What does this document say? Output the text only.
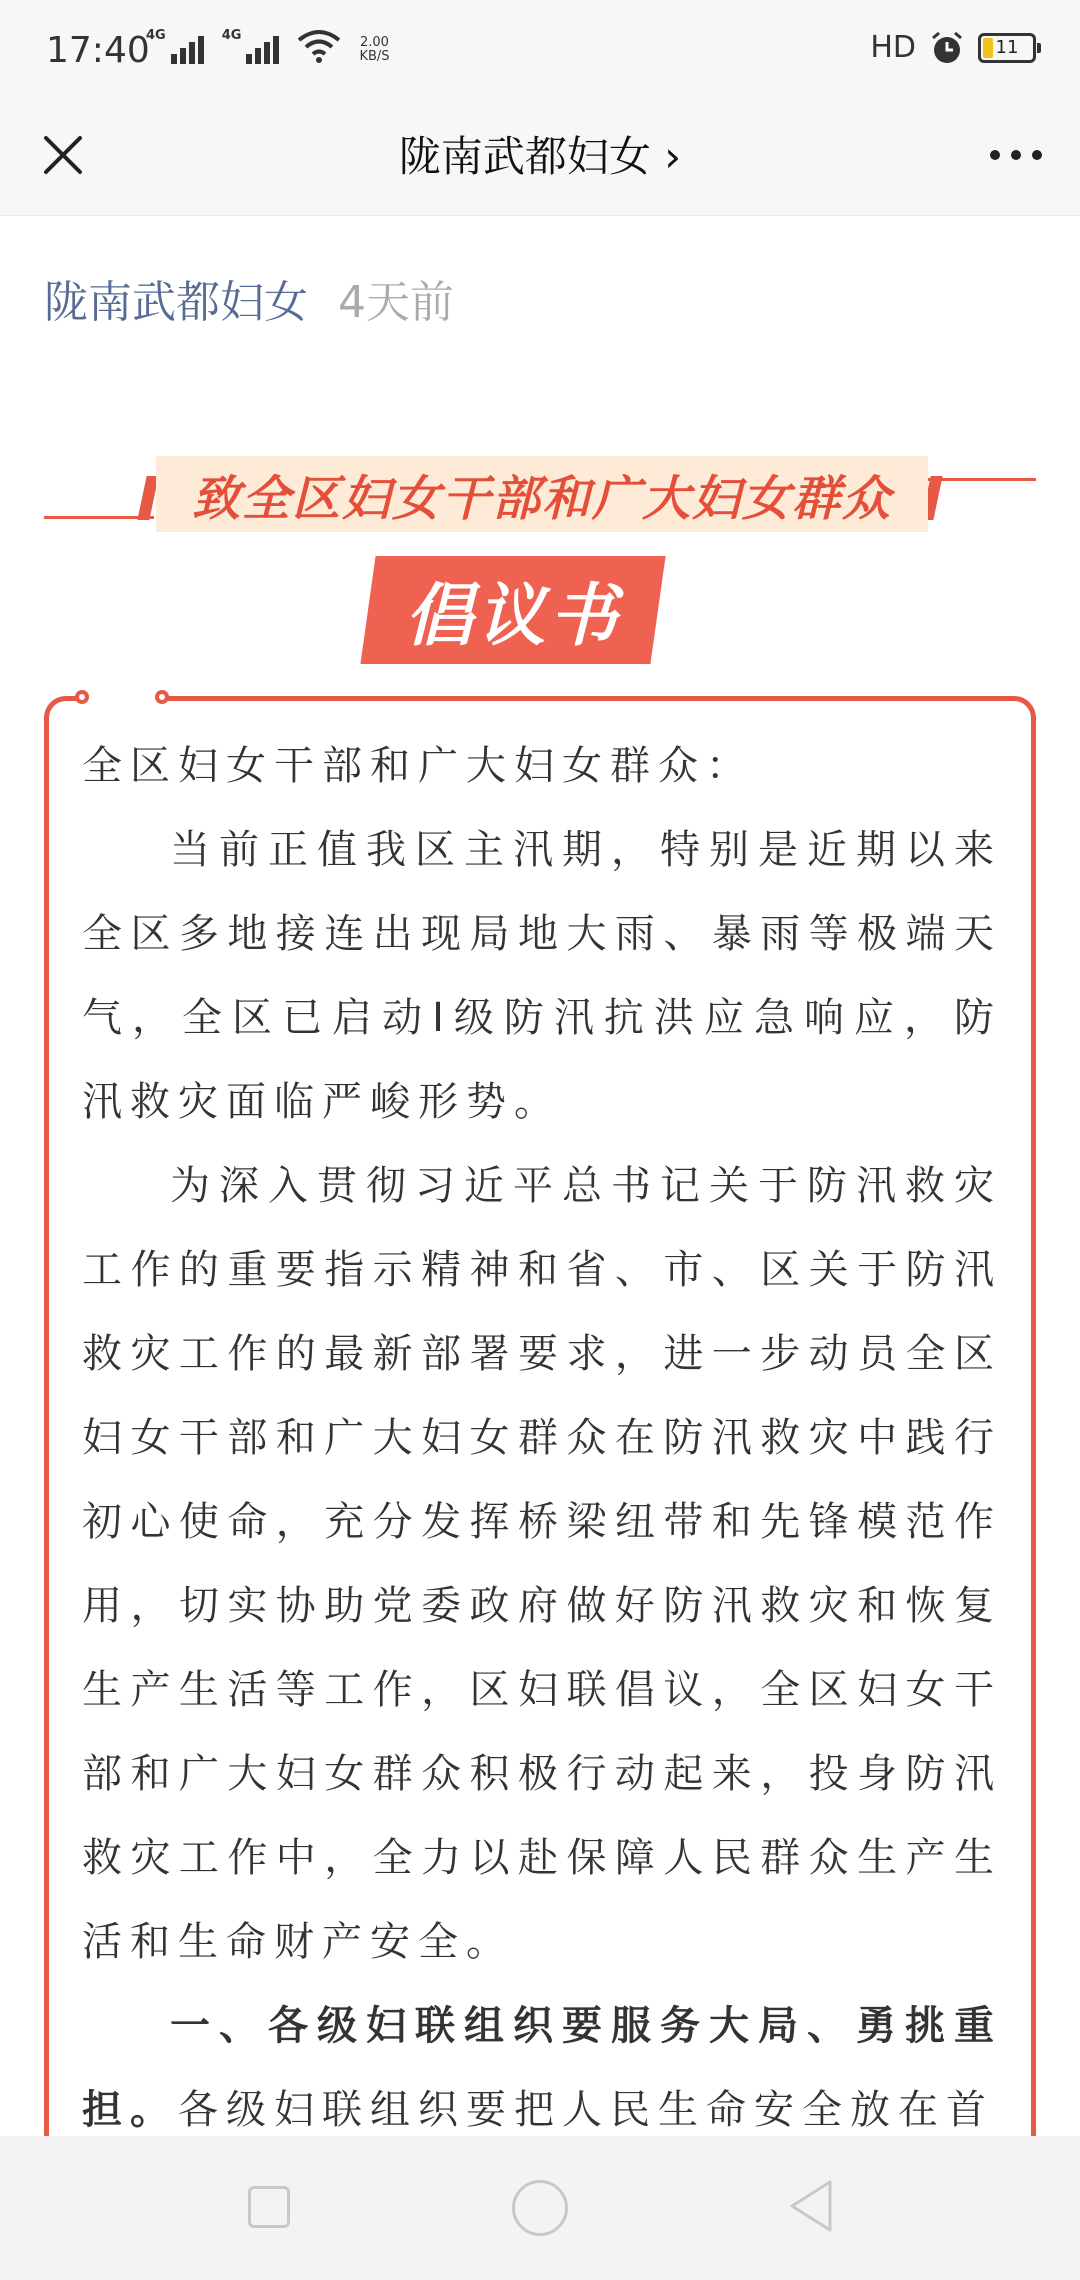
17:40
4G	4G	2.00
KB/S	HD	11
陇南武都妇女 ›
陇南武都妇女 4天前
致全区妇女干部和广大妇女群众
倡议书

全区妇女干部和广大妇女群众：

当前正值我区主汛期，特别是近期以来全区多地接连出现局地大雨、暴雨等极端天气，全区已启动Ⅰ级防汛抗洪应急响应，防汛救灾面临严峻形势。

为深入贯彻习近平总书记关于防汛救灾工作的重要指示精神和省、市、区关于防汛救灾工作的最新部署要求，进一步动员全区妇女干部和广大妇女群众在防汛救灾中践行初心使命，充分发挥桥梁纽带和先锋模范作用，切实协助党委政府做好防汛救灾和恢复生产生活等工作，区妇联倡议，全区妇女干部和广大妇女群众积极行动起来，投身防汛救灾工作中，全力以赴保障人民群众生产生活和生命财产安全。

一、各级妇联组织要服务大局、勇挑重担。各级妇联组织要把人民生命安全放在首
